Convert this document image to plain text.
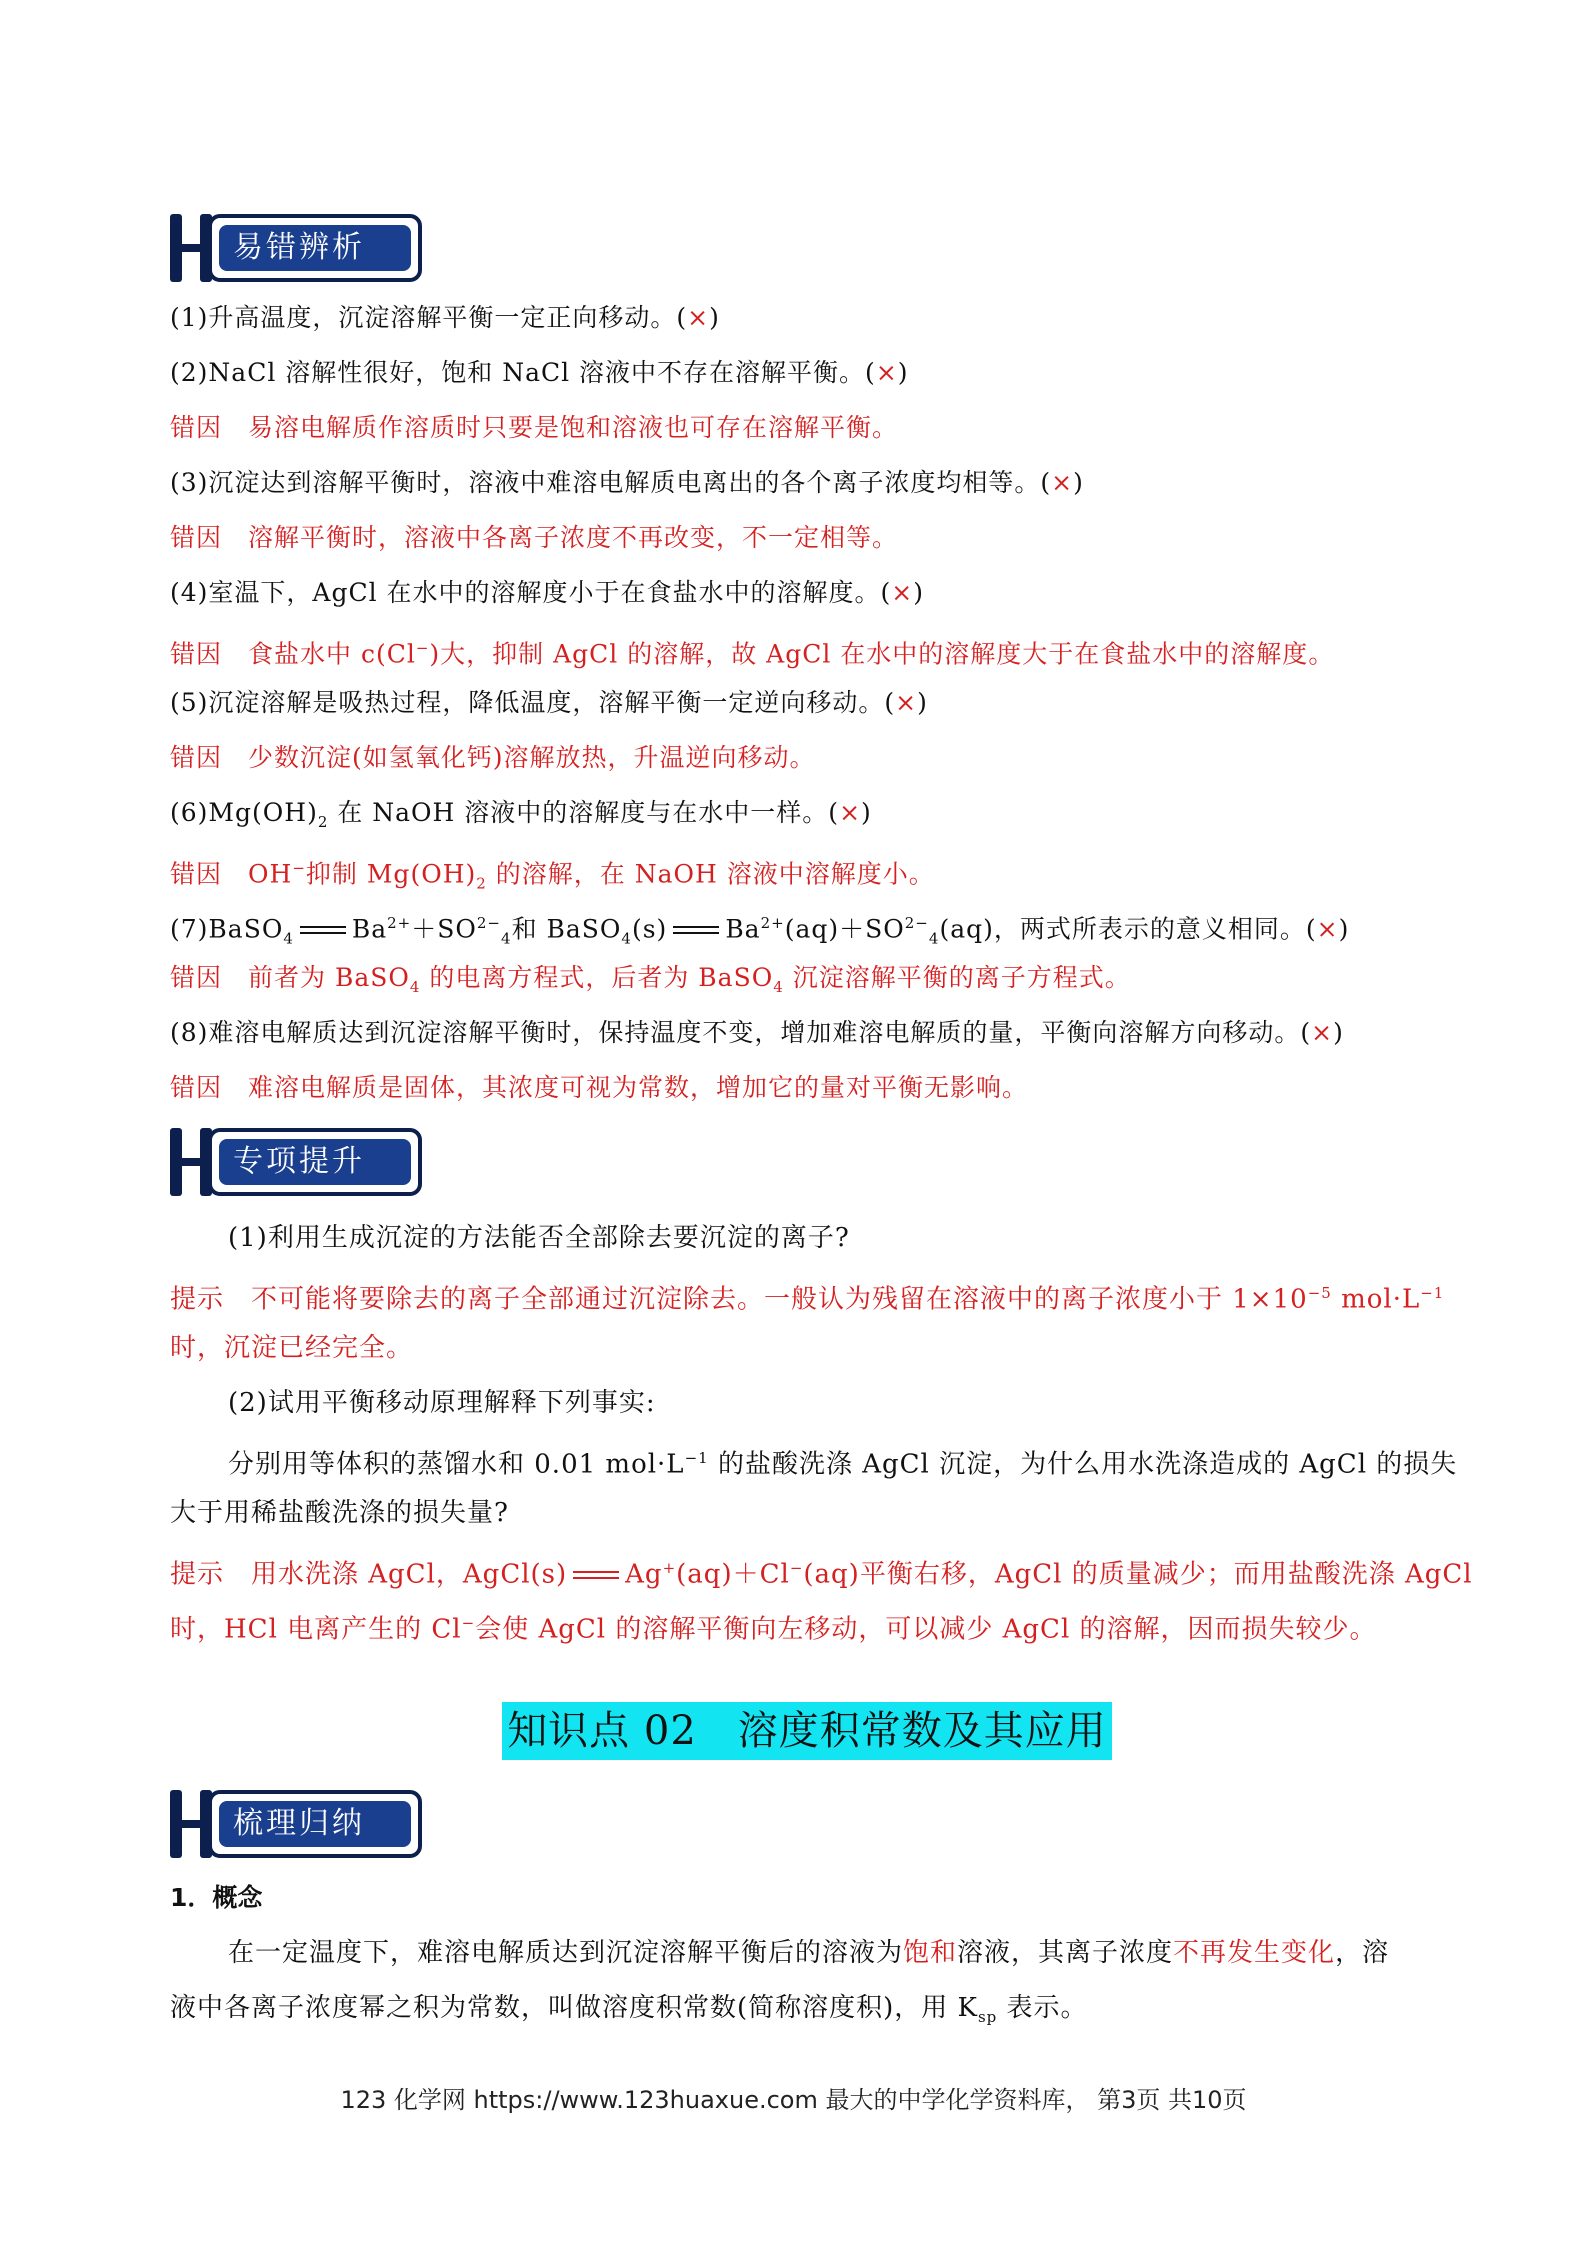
易错辨析
(1)升高温度，沉淀溶解平衡一定正向移动。(×)
(2)NaCl 溶解性很好，饱和 NaCl 溶液中不存在溶解平衡。(×)
错因　易溶电解质作溶质时只要是饱和溶液也可存在溶解平衡。
(3)沉淀达到溶解平衡时，溶液中难溶电解质电离出的各个离子浓度均相等。(×)
错因　溶解平衡时，溶液中各离子浓度不再改变，不一定相等。
(4)室温下，AgCl 在水中的溶解度小于在食盐水中的溶解度。(×)
错因　食盐水中 c(Cl−)大，抑制 AgCl 的溶解，故 AgCl 在水中的溶解度大于在食盐水中的溶解度。
(5)沉淀溶解是吸热过程，降低温度，溶解平衡一定逆向移动。(×)
错因　少数沉淀(如氢氧化钙)溶解放热，升温逆向移动。
$(6)Mg(OH)_2$ 在 NaOH 溶液中的溶解度与在水中一样。(×)
错因　OH−抑制 $Mg(OH)_2$ 的溶解，在 NaOH 溶液中溶解度小。
(7)BaSO$_4$ $Ba^{2+}+SO^{2-}_4$和 BaSO$_4$(s) $Ba^{2+}(aq)+SO^{2-}_4(aq)$，两式所表示的意义相同。(×)
错因　前者为 BaSO$_4$ 的电离方程式，后者为 BaSO$_4$ 沉淀溶解平衡的离子方程式。
(8)难溶电解质达到沉淀溶解平衡时，保持温度不变，增加难溶电解质的量，平衡向溶解方向移动。(×)
错因　难溶电解质是固体，其浓度可视为常数，增加它的量对平衡无影响。
专项提升
(1)利用生成沉淀的方法能否全部除去要沉淀的离子?
提示　不可能将要除去的离子全部通过沉淀除去。一般认为残留在溶液中的离子浓度小于 $1\times 10^{-5}$ $mol\cdot L^{-1}$
时，沉淀已经完全。
(2)试用平衡移动原理解释下列事实:
分别用等体积的蒸馏水和 0.01 $mol\cdot L^{-1}$ 的盐酸洗涤 AgCl 沉淀，为什么用水洗涤造成的 AgCl 的损失
大于用稀盐酸洗涤的损失量?
提示　用水洗涤 AgCl，AgCl(s) Ag+(aq)＋Cl−(aq)平衡右移，AgCl 的质量减少；而用盐酸洗涤 AgCl
时，HCl 电离产生的 Cl−会使 AgCl 的溶解平衡向左移动，可以减少 AgCl 的溶解，因而损失较少。
知识点 02　溶度积常数及其应用
梳理归纳
1．概念
在一定温度下，难溶电解质达到沉淀溶解平衡后的溶液为饱和溶液，其离子浓度不再发生变化，溶
液中各离子浓度幂之积为常数，叫做溶度积常数(简称溶度积)，用 $K_{sp}$ 表示。
123 化学网 https://www.123huaxue.com 最大的中学化学资料库， 第3页 共10页
